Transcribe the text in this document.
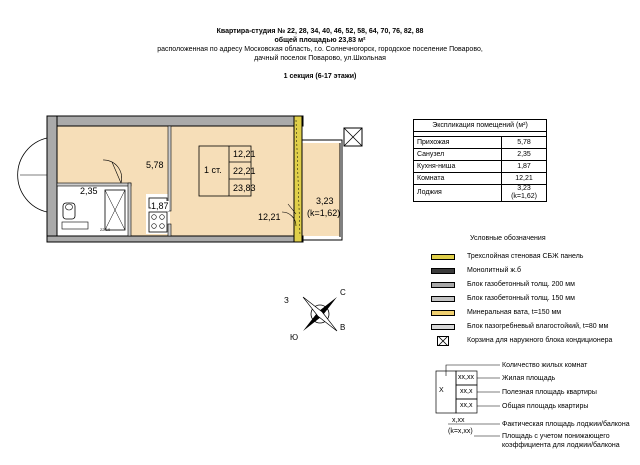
Квартира-студия № 22, 28, 34, 40, 46, 52, 58, 64, 70, 76, 82, 88
общей площадью 23,83 м²
расположенная по адресу Московская область, г.о. Солнечногорск, городское поселение Поварово,
дачный поселок Поварово, ул.Школьная
1 секция (6-17 этажи)
5,78
2,35
1,87
12,21
1 ст.
12,21
22,21
23,83
3,23
(k=1,62)
22-10
С
Ю
В
З
Экспликация помещений (м²)	

Прихожая	5,78
Санузел	2,35
Кухня-ниша	1,87
Комната	12,21
Лоджия	3,23
(k=1,62)
Условные обозначения
Трехслойная стеновая СБЖ панель
Монолитный ж.б
Блок газобетонный толщ. 200 мм
Блок газобетонный толщ. 150 мм
Минеральная вата, t=150 мм
Блок пазогребневый влагостойкий, t=80 мм
Корзина для наружного блока кондиционера
X
xx,xx
xx,x
xx,x
Количество жилых комнат
Жилая площадь
Полезная площадь квартиры
Общая площадь квартиры
x,xx
(k=x,xx)
Фактическая площадь лоджии/балкона
Площадь с учетом понижающего коэффициента для лоджии/балкона
